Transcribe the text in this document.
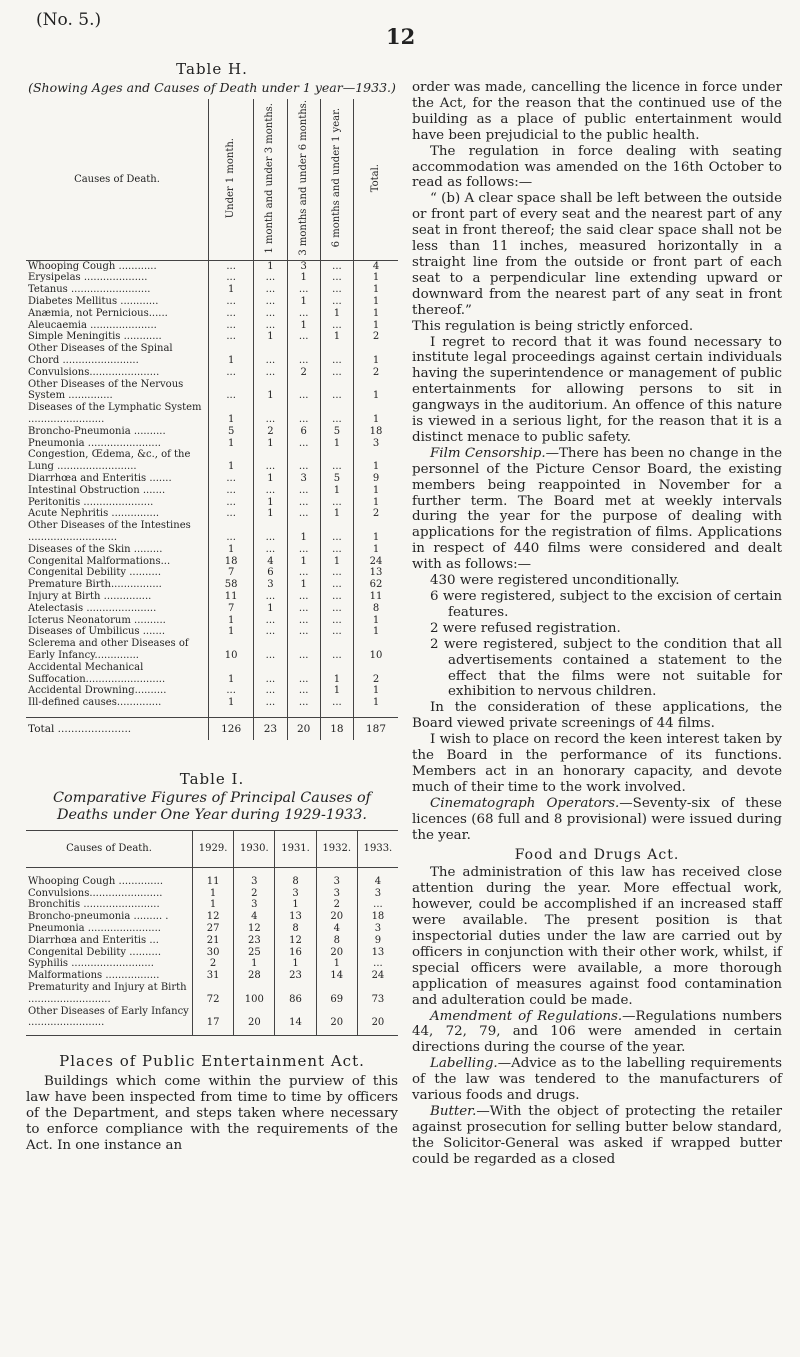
(No. 5.)
12

Table H.

(Showing Ages and Causes of Death under 1 year—1933.)

Causes of Death.	Under 1 month.	1 month and under 3 months.	3 months and under 6 months.	6 months and under 1 year.	Total.
Whooping Cough ............	...	1	3	...	4
Erysipelas ....................	...	...	1	...	1
Tetanus .........................	1	...	...	...	1
Diabetes Mellitus ............	...	...	1	...	1
Anæmia, not Pernicious......	...	...	...	1	1
Aleucaemia .....................	...	...	1	...	1
Simple Meningitis ............	...	1	...	1	2
Other Diseases of the Spinal Chord ........................	1	...	...	...	1
Convulsions......................	...	...	2	...	2
Other Diseases of the Nervous System ..............	...	1	...	...	1
Diseases of the Lymphatic System ........................	1	...	...	...	1
Broncho-Pneumonia ..........	5	2	6	5	18
Pneumonia .......................	1	1	...	1	3
Congestion, Œdema, &c., of the Lung .........................	1	...	...	...	1
Diarrhœa and Enteritis .......	...	1	3	5	9
Intestinal Obstruction .......	...	...	...	1	1
Peritonitis ......................	...	1	...	...	1
Acute Nephritis ...............	...	1	...	1	2
Other Diseases of the Intestines ............................	...	...	1	...	1
Diseases of the Skin .........	1	...	...	...	1
Congenital Malformations...	18	4	1	1	24
Congenital Debility ..........	7	6	...	...	13
Premature Birth................	58	3	1	...	62
Injury at Birth ...............	11	...	...	...	11
Atelectasis ......................	7	1	...	...	8
Icterus Neonatorum ..........	1	...	...	...	1
Diseases of Umbilicus .......	1	...	...	...	1
Sclerema and other Diseases of Early Infancy..............	10	...	...	...	10
Accidental Mechanical Suffocation.........................	1	...	...	1	2
Accidental Drowning..........	...	...	...	1	1
Ill-defined causes..............	1	...	...	...	1

Total ......................	126	23	20	18	187

Table I.

Comparative Figures of Principal Causes of Deaths under One Year during 1929-1933.

Causes of Death.	1929.	1930.	1931.	1932.	1933.

Whooping Cough ..............	11	3	8	3	4
Convulsions.......................	1	2	3	3	3
Bronchitis ........................	1	3	1	2	...
Broncho-pneumonia ......... .	12	4	13	20	18
Pneumonia .......................	27	12	8	4	3
Diarrhœa and Enteritis ...	21	23	12	8	9
Congenital Debility ..........	30	25	16	20	13
Syphilis ..........................	2	1	1	1	...
Malformations .................	31	28	23	14	24
Prematurity and Injury at Birth ..........................	72	100	86	69	73
Other Diseases of Early Infancy ........................	17	20	14	20	20
Places of Public Entertainment Act.

Buildings which come within the purview of this law have been inspected from time to time by officers of the Department, and steps taken where necessary to enforce compliance with the requirements of the Act. In one instance an

order was made, cancelling the licence in force under the Act, for the reason that the continued use of the building as a place of public entertainment would have been prejudicial to the public health.

The regulation in force dealing with seating accommodation was amended on the 16th October to read as follows:—

“ (b) A clear space shall be left between the outside or front part of every seat and the nearest part of any seat in front thereof; the said clear space shall not be less than 11 inches, measured horizontally in a straight line from the outside or front part of each seat to a perpendicular line extending upward or downward from the nearest part of any seat in front thereof.”

This regulation is being strictly enforced.

I regret to record that it was found necessary to institute legal proceedings against certain individuals having the superintendence or management of public entertainments for allowing persons to sit in gangways in the auditorium. An offence of this nature is viewed in a serious light, for the reason that it is a distinct menace to public safety.

Film Censorship.—There has been no change in the personnel of the Picture Censor Board, the existing members being reappointed in November for a further term. The Board met at weekly intervals during the year for the purpose of dealing with applications for the registration of films. Applications in respect of 440 films were considered and dealt with as follows:—

430 were registered unconditionally.

6 were registered, subject to the excision of certain features.

2 were refused registration.

2 were registered, subject to the condition that all advertisements contained a statement to the effect that the films were not suitable for exhibition to nervous children.

In the consideration of these applications, the Board viewed private screenings of 44 films.

I wish to place on record the keen interest taken by the Board in the performance of its functions. Members act in an honorary capacity, and devote much of their time to the work involved.

Cinematograph Operators.—Seventy-six of these licences (68 full and 8 provisional) were issued during the year.

Food and Drugs Act.

The administration of this law has received close attention during the year. More effectual work, however, could be accomplished if an increased staff were available. The present position is that inspectorial duties under the law are carried out by officers in conjunction with their other work, whilst, if special officers were available, a more thorough application of measures against food contamination and adulteration could be made.

Amendment of Regulations.—Regulations numbers 44, 72, 79, and 106 were amended in certain directions during the course of the year.

Labelling.—Advice as to the labelling requirements of the law was tendered to the manufacturers of various foods and drugs.

Butter.—With the object of protecting the retailer against prosecution for selling butter below standard, the Solicitor-General was asked if wrapped butter could be regarded as a closed
